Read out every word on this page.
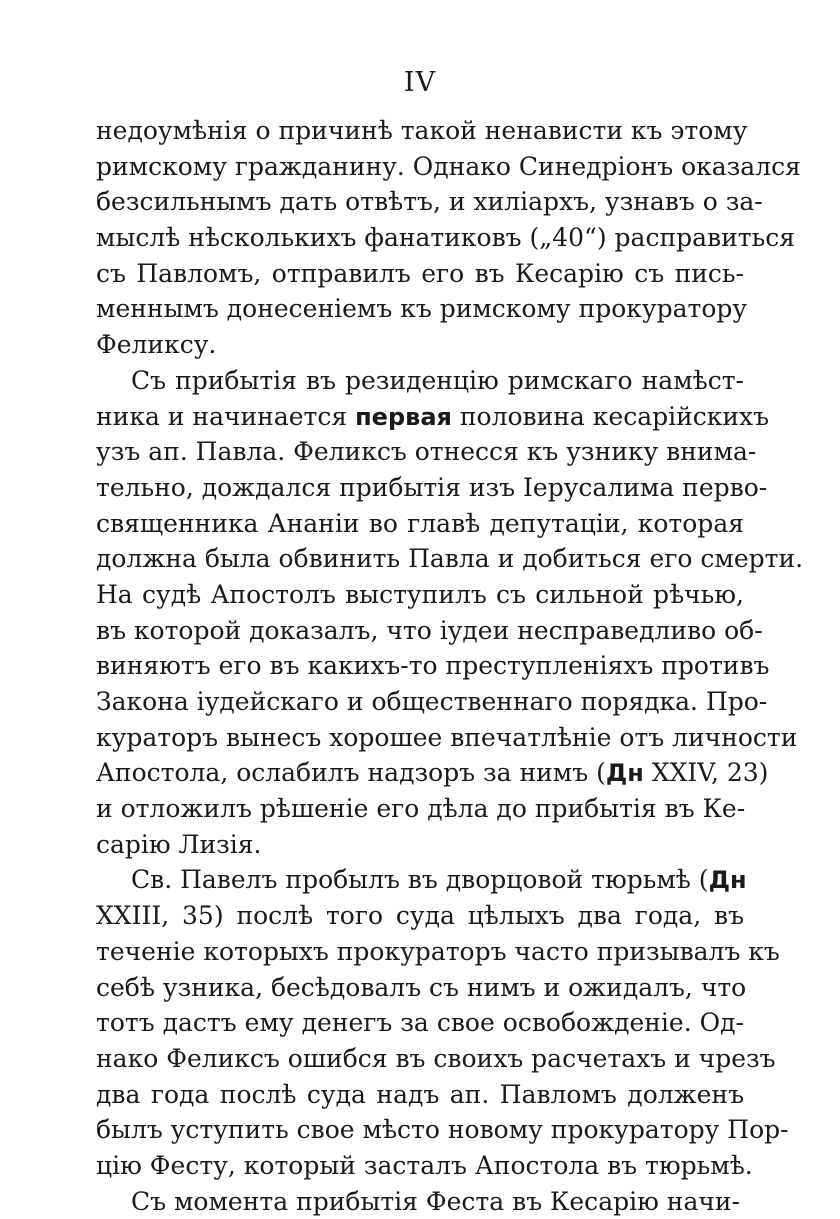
IV
недоумѣнія о причинѣ такой ненависти къ этому
римскому гражданину. Однако Синедріонъ оказался
безсильнымъ дать отвѣтъ, и хиліархъ, узнавъ о за-
мыслѣ нѣсколькихъ фанатиковъ („40“) расправиться
съ Павломъ, отправилъ его въ Кесарію съ пись-
меннымъ донесеніемъ къ римскому прокуратору
Феликсу.
Съ прибытія въ резиденцію римскаго намѣст-
ника и начинается первая половина кесарійскихъ
узъ ап. Павла. Феликсъ отнесся къ узнику внима-
тельно, дождался прибытія изъ Іерусалима перво-
священника Ананіи во главѣ депутаціи, которая
должна была обвинить Павла и добиться его смерти.
На судѣ Апостолъ выступилъ съ сильной рѣчью,
въ которой доказалъ, что іудеи несправедливо об-
виняютъ его въ какихъ-то преступленіяхъ противъ
Закона іудейскаго и общественнаго порядка. Про-
кураторъ вынесъ хорошее впечатлѣніе отъ личности
Апостола, ослабилъ надзоръ за нимъ (Дн XXIV, 23)
и отложилъ рѣшеніе его дѣла до прибытія въ Ке-
сарію Лизія.
Св. Павелъ пробылъ въ дворцовой тюрьмѣ (Дн
XXIII, 35) послѣ того суда цѣлыхъ два года, въ
теченіе которыхъ прокураторъ часто призывалъ къ
себѣ узника, бесѣдовалъ съ нимъ и ожидалъ, что
тотъ дастъ ему денегъ за свое освобожденіе. Од-
нако Феликсъ ошибся въ своихъ расчетахъ и чрезъ
два года послѣ суда надъ ап. Павломъ долженъ
былъ уступить свое мѣсто новому прокуратору Пор-
цію Фесту, который засталъ Апостола въ тюрьмѣ.
Съ момента прибытія Феста въ Кесарію начи-
